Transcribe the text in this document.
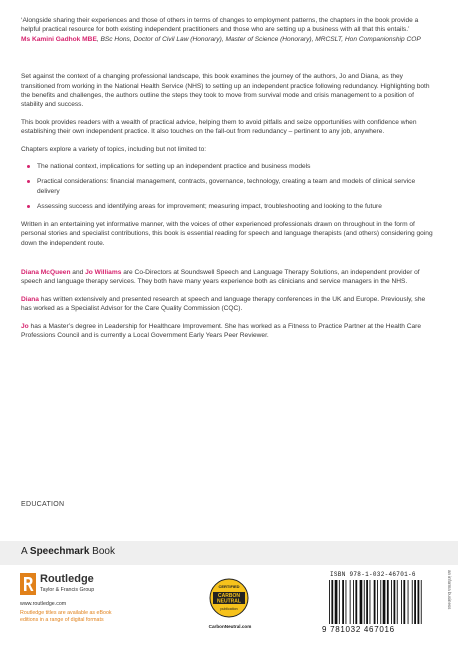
‘Alongside sharing their experiences and those of others in terms of changes to employment patterns, the chapters in the book provide a helpful practical resource for both existing independent practitioners and those who are setting up a business with all that this entails.’

Ms Kamini Gadhok MBE, BSc Hons, Doctor of Civil Law (Honorary), Master of Science (Honorary), MRCSLT, Hon Companionship COP

Set against the context of a changing professional landscape, this book examines the journey of the authors, Jo and Diana, as they transitioned from working in the National Health Service (NHS) to setting up an independent practice following redundancy. Highlighting both the benefits and challenges, the authors outline the steps they took to move from survival mode and crisis management to a position of stability and success.

This book provides readers with a wealth of practical advice, helping them to avoid pitfalls and seize opportunities with confidence when establishing their own independent practice. It also touches on the fall-out from redundancy – pertinent to any job, anywhere.

Chapters explore a variety of topics, including but not limited to:

The national context, implications for setting up an independent practice and business models
Practical considerations: financial management, contracts, governance, technology, creating a team and models of clinical service delivery
Assessing success and identifying areas for improvement; measuring impact, troubleshooting and looking to the future

Written in an entertaining yet informative manner, with the voices of other experienced professionals drawn on throughout in the form of personal stories and specialist contributions, this book is essential reading for speech and language therapists (and others) considering going down the independent route.

Diana McQueen and Jo Williams are Co-Directors at Soundswell Speech and Language Therapy Solutions, an independent provider of speech and language therapy services. They both have many years experience both as clinicians and service managers in the NHS.

Diana has written extensively and presented research at speech and language therapy conferences in the UK and Europe. Previously, she has worked as a Specialist Advisor for the Care Quality Commission (CQC).

Jo has a Master’s degree in Leadership for Healthcare Improvement. She has worked as a Fitness to Practice Partner at the Health Care Professions Council and is currently a Local Government Early Years Peer Reviewer.

EDUCATION
A Speechmark Book
Routledge
Taylor & Francis Group
www.routledge.com
Routledge titles are available as eBook editions in a range of digital formats
CERTIFIED
CARBON
NEUTRAL
publication
CarbonNeutral.com
ISBN 978-1-032-46701-6
9 781032 467016
an informa business
